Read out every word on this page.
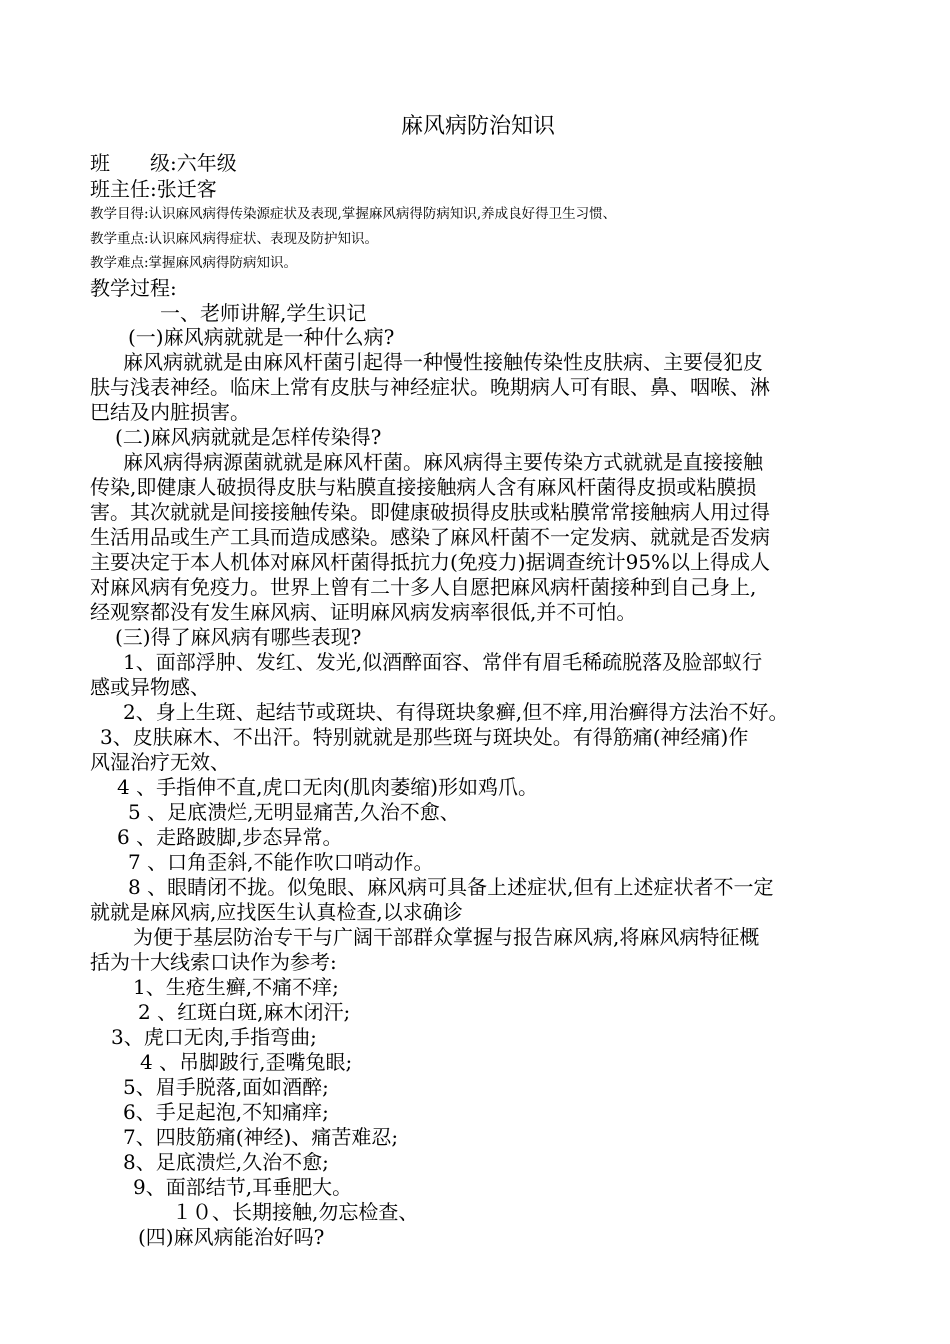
麻风病防治知识
班　　级:六年级
班主任:张迁客
教学目得:认识麻风病得传染源症状及表现,掌握麻风病得防病知识,养成良好得卫生习惯、
教学重点:认识麻风病得症状、表现及防护知识。
教学难点:掌握麻风病得防病知识。
教学过程:
一、老师讲解,学生识记
(一)麻风病就就是一种什么病?
麻风病就就是由麻风杆菌引起得一种慢性接触传染性皮肤病、主要侵犯皮
肤与浅表神经。临床上常有皮肤与神经症状。晚期病人可有眼、鼻、咽喉、淋
巴结及内脏损害。
(二)麻风病就就是怎样传染得?
麻风病得病源菌就就是麻风杆菌。麻风病得主要传染方式就就是直接接触
传染,即健康人破损得皮肤与粘膜直接接触病人含有麻风杆菌得皮损或粘膜损
害。其次就就是间接接触传染。即健康破损得皮肤或粘膜常常接触病人用过得
生活用品或生产工具而造成感染。感染了麻风杆菌不一定发病、就就是否发病
主要决定于本人机体对麻风杆菌得抵抗力(免疫力)据调查统计95%以上得成人
对麻风病有免疫力。世界上曾有二十多人自愿把麻风病杆菌接种到自己身上,
经观察都没有发生麻风病、证明麻风病发病率很低,并不可怕。
(三)得了麻风病有哪些表现?
1、面部浮肿、发红、发光,似酒醉面容、常伴有眉毛稀疏脱落及脸部蚁行
感或异物感、
2、身上生斑、起结节或斑块、有得斑块象癣,但不痒,用治癣得方法治不好。
3、皮肤麻木、不出汗。特别就就是那些斑与斑块处。有得筋痛(神经痛)作
风湿治疗无效、
4 、手指伸不直,虎口无肉(肌肉萎缩)形如鸡爪。
5 、足底溃烂,无明显痛苦,久治不愈、
6 、走路跛脚,步态异常。
7 、口角歪斜,不能作吹口哨动作。
8 、眼睛闭不拢。似兔眼、麻风病可具备上述症状,但有上述症状者不一定
就就是麻风病,应找医生认真检查,以求确诊
为便于基层防治专干与广阔干部群众掌握与报告麻风病,将麻风病特征概
括为十大线索口诀作为参考:
1、生疮生癣,不痛不痒;
2 、红斑白斑,麻木闭汗;
3、虎口无肉,手指弯曲;
4 、吊脚跛行,歪嘴兔眼;
5、眉手脱落,面如酒醉;
6、手足起泡,不知痛痒;
7、四肢筋痛(神经)、痛苦难忍;
8、足底溃烂,久治不愈;
9、面部结节,耳垂肥大。
１０、长期接触,勿忘检查、
(四)麻风病能治好吗?
